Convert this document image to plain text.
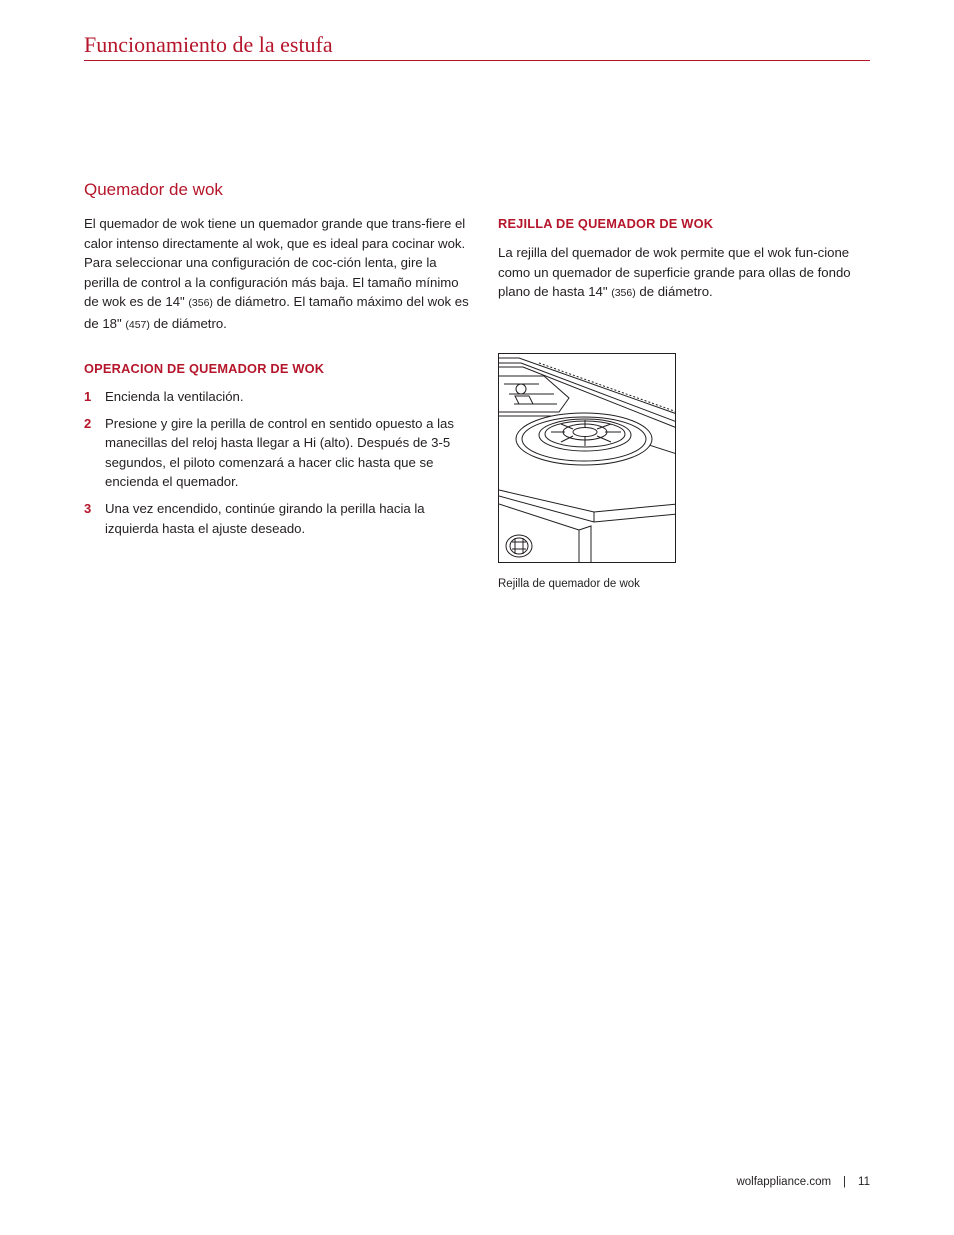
Funcionamiento de la estufa
Quemador de wok

El quemador de wok tiene un quemador grande que trans-fiere el calor intenso directamente al wok, que es ideal para cocinar wok. Para seleccionar una configuración de coc-ción lenta, gire la perilla de control a la configuración más baja. El tamaño mínimo de wok es de 14" (356) de diámetro. El tamaño máximo del wok es de 18" (457) de diámetro.

OPERACION DE QUEMADOR DE WOK
1	Encienda la ventilación.

2	Presione y gire la perilla de control en sentido opuesto a las manecillas del reloj hasta llegar a Hi (alto). Después de 3-5 segundos, el piloto comenzará a hacer clic hasta que se encienda el quemador.

3	Una vez encendido, continúe girando la perilla hacia la izquierda hasta el ajuste deseado.

REJILLA DE QUEMADOR DE WOK

La rejilla del quemador de wok permite que el wok fun-cione como un quemador de superficie grande para ollas de fondo plano de hasta 14" (356) de diámetro.

Rejilla de quemador de wok
wolfappliance.com | 11
